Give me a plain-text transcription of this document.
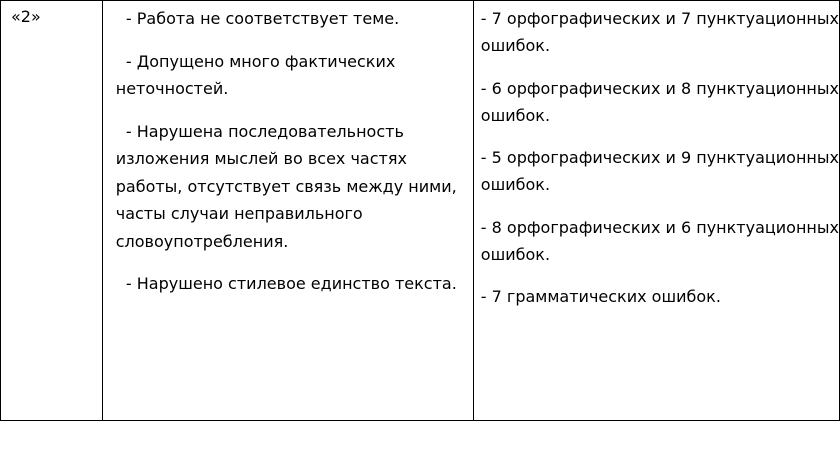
«2»	- Работа не соответствует теме.

- Допущено много фактических неточностей.

- Нарушена последовательность изложения мыслей во всех частях работы, отсутствует связь между ними, часты случаи неправильного словоупотребления.

- Нарушено стилевое единство текста.

- 7 орфографических и 7 пунктуационных
ошибок.

- 6 орфографических и 8 пунктуационных
ошибок.

- 5 орфографических и 9 пунктуационных
ошибок.

- 8 орфографических и 6 пунктуационных
ошибок.

- 7 грамматических ошибок.
